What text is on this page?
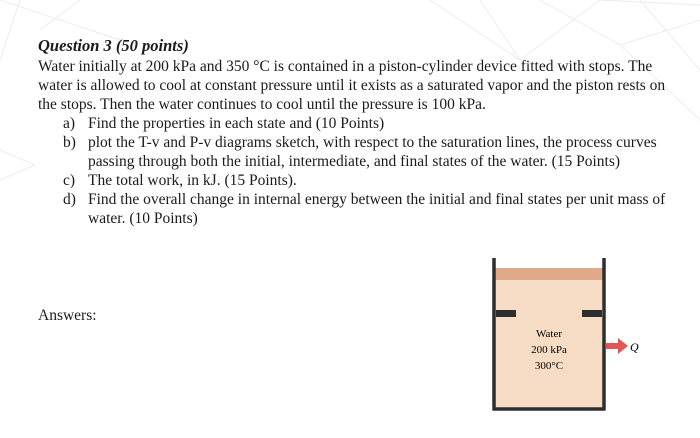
Question 3 (50 points)

Water initially at 200 kPa and 350 °C is contained in a piston-cylinder device fitted with stops. The water is allowed to cool at constant pressure until it exists as a saturated vapor and the piston rests on the stops. Then the water continues to cool until the pressure is 100 kPa.

a) Find the properties in each state and (10 Points)
b) plot the T-v and P-v diagrams sketch, with respect to the saturation lines, the process curves passing through both the initial, intermediate, and final states of the water. (15 Points)
c) The total work, in kJ. (15 Points).
d) Find the overall change in internal energy between the initial and final states per unit mass of water. (10 Points)
Answers:
Water
200 kPa
300°C
Q
